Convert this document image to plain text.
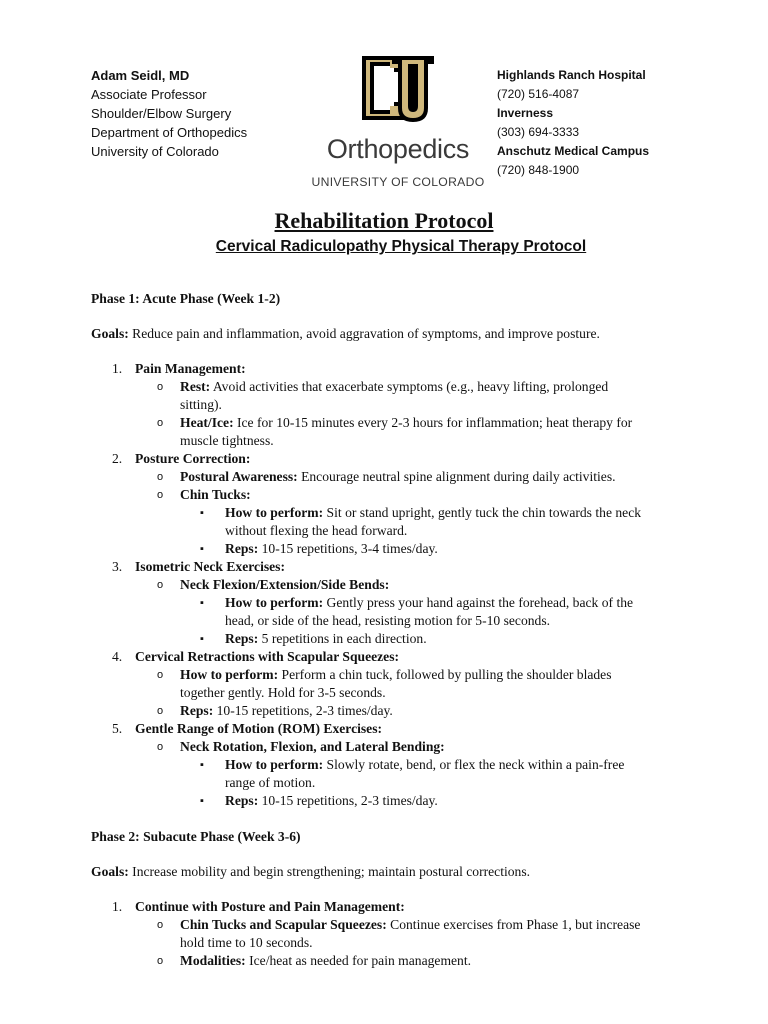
Adam Seidl, MD
Associate Professor
Shoulder/Elbow Surgery
Department of Orthopedics
University of Colorado	Orthopedics
UNIVERSITY OF COLORADO
Highlands Ranch Hospital
(720) 516-4087
Inverness
(303) 694-3333
Anschutz Medical Campus
(720) 848-1900
Rehabilitation Protocol
Cervical Radiculopathy Physical Therapy Protocol
Phase 1: Acute Phase (Week 1-2)
Goals: Reduce pain and inflammation, avoid aggravation of symptoms, and improve posture.
1. Pain Management:
o Rest: Avoid activities that exacerbate symptoms (e.g., heavy lifting, prolonged
sitting).
o Heat/Ice: Ice for 10-15 minutes every 2-3 hours for inflammation; heat therapy for
muscle tightness.
2. Posture Correction:
o Postural Awareness: Encourage neutral spine alignment during daily activities.
o Chin Tucks:
▪ How to perform: Sit or stand upright, gently tuck the chin towards the neck
without flexing the head forward.
▪ Reps: 10-15 repetitions, 3-4 times/day.
3. Isometric Neck Exercises:
o Neck Flexion/Extension/Side Bends:
▪ How to perform: Gently press your hand against the forehead, back of the
head, or side of the head, resisting motion for 5-10 seconds.
▪ Reps: 5 repetitions in each direction.
4. Cervical Retractions with Scapular Squeezes:
o How to perform: Perform a chin tuck, followed by pulling the shoulder blades
together gently. Hold for 3-5 seconds.
o Reps: 10-15 repetitions, 2-3 times/day.
5. Gentle Range of Motion (ROM) Exercises:
o Neck Rotation, Flexion, and Lateral Bending:
▪ How to perform: Slowly rotate, bend, or flex the neck within a pain-free
range of motion.
▪ Reps: 10-15 repetitions, 2-3 times/day.
Phase 2: Subacute Phase (Week 3-6)
Goals: Increase mobility and begin strengthening; maintain postural corrections.
1. Continue with Posture and Pain Management:
o Chin Tucks and Scapular Squeezes: Continue exercises from Phase 1, but increase
hold time to 10 seconds.
o Modalities: Ice/heat as needed for pain management.
